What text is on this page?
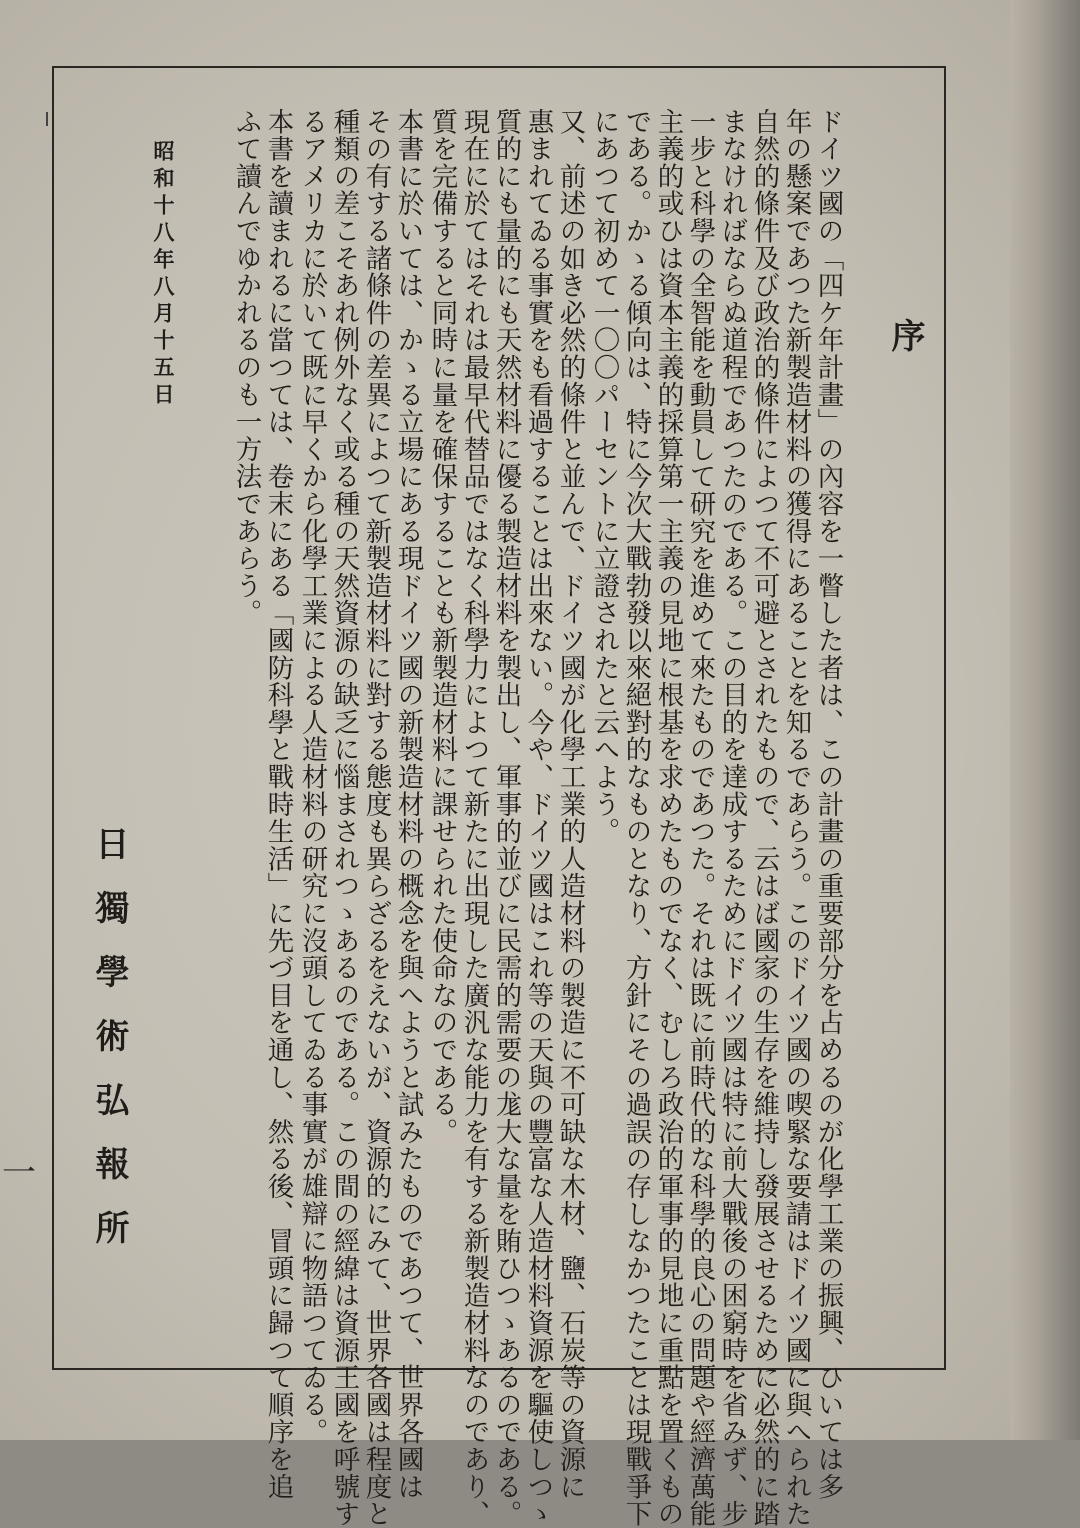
序
ドイツ國の「四ケ年計畫」の內容を一瞥した者は、この計畫の重要部分を占めるのが化學工業の振興、ひいては多
年の懸案であつた新製造材料の獲得にあることを知るであらう。このドイツ國の喫緊な要請はドイツ國に與へられた
自然的條件及び政治的條件によつて不可避とされたもので、云はば國家の生存を維持し發展させるために必然的に踏
まなければならぬ道程であつたのである。この目的を達成するためにドイツ國は特に前大戰後の困窮時を省みず、步
一步と科學の全智能を動員して研究を進めて來たものであつた。それは既に前時代的な科學的良心の問題や經濟萬能
主義的或ひは資本主義的採算第一主義の見地に根基を求めたものでなく、むしろ政治的軍事的見地に重點を置くもの
である。かゝる傾向は、特に今次大戰勃發以來絕對的なものとなり、方針にその過誤の存しなかつたことは現戰爭下
にあつて初めて一〇〇パーセントに立證されたと云へよう。
又、前述の如き必然的條件と並んで、ドイツ國が化學工業的人造材料の製造に不可缺な木材、鹽、石炭等の資源に
惠まれてゐる事實をも看過することは出來ない。今や、ドイツ國はこれ等の天與の豐富な人造材料資源を驅使しつゝ
質的にも量的にも天然材料に優る製造材料を製出し、軍事的並びに民需的需要の尨大な量を賄ひつゝあるのである。
現在に於てはそれは最早代替品ではなく科學力によつて新たに出現した廣汎な能力を有する新製造材料なのであり、
質を完備すると同時に量を確保することも新製造材料に課せられた使命なのである。
本書に於いては、かゝる立場にある現ドイツ國の新製造材料の概念を與へようと試みたものであつて、世界各國は
その有する諸條件の差異によつて新製造材料に對する態度も異らざるをえないが、資源的にみて、世界各國は程度と
種類の差こそあれ例外なく或る種の天然資源の缺乏に惱まされつゝあるのである。この間の經緯は資源王國を呼號す
るアメリカに於いて既に早くから化學工業による人造材料の研究に沒頭してゐる事實が雄辯に物語つてゐる。
本書を讀まれるに當つては、卷末にある「國防科學と戰時生活」に先づ目を通し、然る後、冒頭に歸つて順序を追
ふて讀んでゆかれるのも一方法であらう。
昭和十八年八月十五日
日獨學術弘報所
一
